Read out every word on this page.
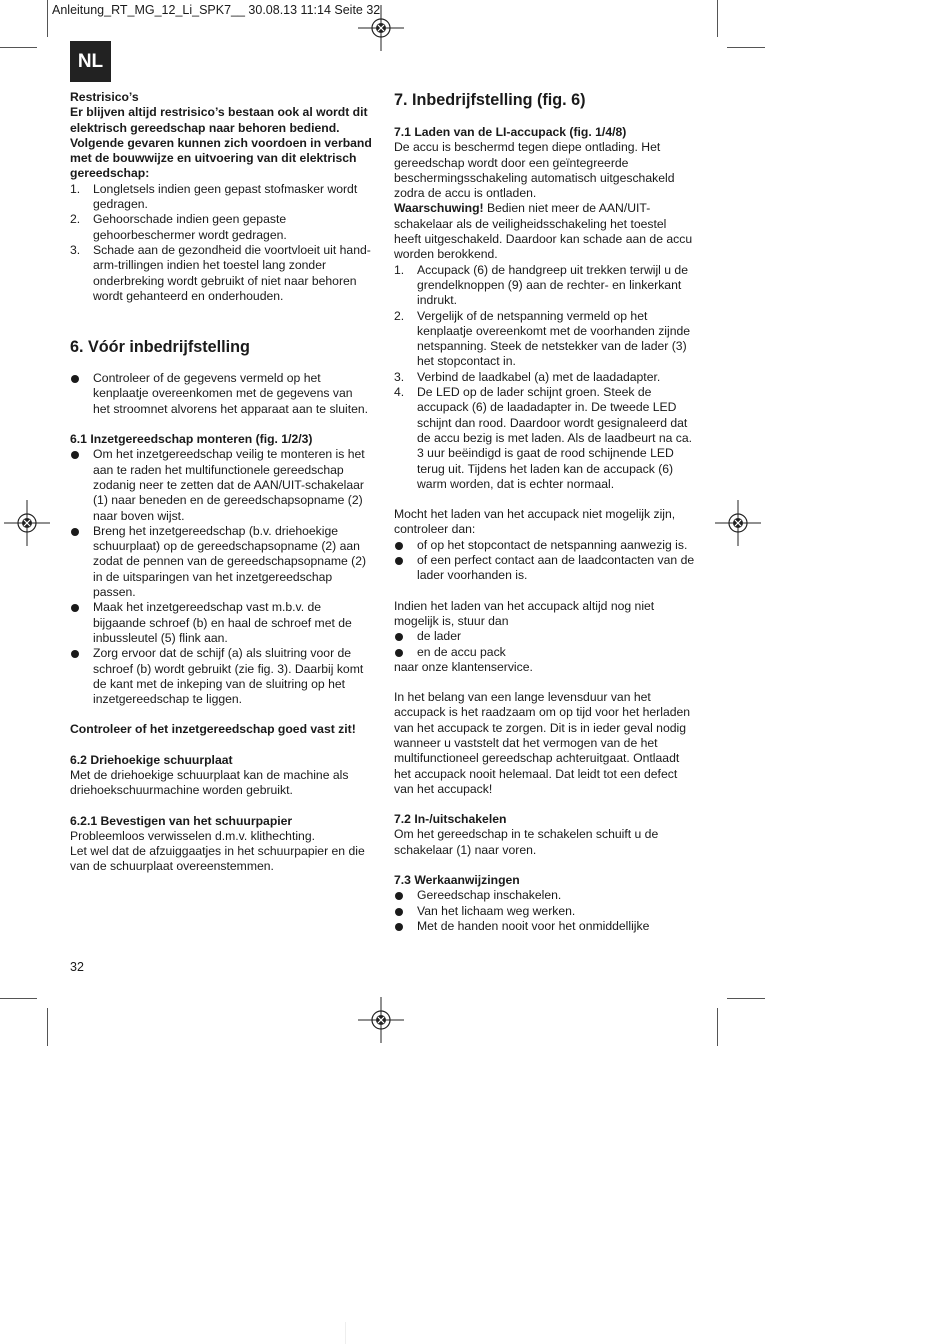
Anleitung_RT_MG_12_Li_SPK7__ 30.08.13 11:14 Seite 32
NL

Restrisico’s

Er blijven altijd restrisico’s bestaan ook al wordt dit elektrisch gereedschap naar behoren bediend. Volgende gevaren kunnen zich voordoen in verband met de bouwwijze en uitvoering van dit elektrisch gereedschap:

1. Longletsels indien geen gepast stofmasker wordt gedragen.
2. Gehoorschade indien geen gepaste gehoorbeschermer wordt gedragen.
3. Schade aan de gezondheid die voortvloeit uit hand-arm-trillingen indien het toestel lang zonder onderbreking wordt gebruikt of niet naar behoren wordt gehanteerd en onderhouden.
6. Vóór inbedrijfstelling
Controleer of de gegevens vermeld op het kenplaatje overeenkomen met de gegevens van het stroomnet alvorens het apparaat aan te sluiten.

6.1 Inzetgereedschap monteren (fig. 1/2/3)

Om het inzetgereedschap veilig te monteren is het aan te raden het multifunctionele gereedschap zodanig neer te zetten dat de AAN/UIT-schakelaar (1) naar beneden en de gereedschapsopname (2) naar boven wijst.
Breng het inzetgereedschap (b.v. driehoekige schuurplaat) op de gereedschapsopname (2) aan zodat de pennen van de gereedschapsopname (2) in de uitsparingen van het inzetgereedschap passen.
Maak het inzetgereedschap vast m.b.v. de bijgaande schroef (b) en haal de schroef met de inbussleutel (5) flink aan.
Zorg ervoor dat de schijf (a) als sluitring voor de schroef (b) wordt gebruikt (zie fig. 3). Daarbij komt de kant met de inkeping van de sluitring op het inzetgereedschap te liggen.

Controleer of het inzetgereedschap goed vast zit!

6.2 Driehoekige schuurplaat

Met de driehoekige schuurplaat kan de machine als driehoekschuurmachine worden gebruikt.

6.2.1 Bevestigen van het schuurpapier

Probleemloos verwisselen d.m.v. klithechting.

Let wel dat de afzuiggaatjes in het schuurpapier en die van de schuurplaat overeenstemmen.

7. Inbedrijfstelling (fig. 6)

7.1 Laden van de LI-accupack (fig. 1/4/8)

De accu is beschermd tegen diepe ontlading. Het gereedschap wordt door een geïntegreerde beschermingsschakeling automatisch uitgeschakeld zodra de accu is ontladen.

Waarschuwing! Bedien niet meer de AAN/UIT-schakelaar als de veiligheidsschakeling het toestel heeft uitgeschakeld. Daardoor kan schade aan de accu worden berokkend.

1. Accupack (6) de handgreep uit trekken terwijl u de grendelknoppen (9) aan de rechter- en linkerkant indrukt.
2. Vergelijk of de netspanning vermeld op het kenplaatje overeenkomt met de voorhanden zijnde netspanning. Steek de netstekker van de lader (3) het stopcontact in.
3. Verbind de laadkabel (a) met de laadadapter.
4. De LED op de lader schijnt groen. Steek de accupack (6) de laadadapter in. De tweede LED schijnt dan rood. Daardoor wordt gesignaleerd dat de accu bezig is met laden. Als de laadbeurt na ca. 3 uur beëindigd is gaat de rood schijnende LED terug uit. Tijdens het laden kan de accupack (6) warm worden, dat is echter normaal.

Mocht het laden van het accupack niet mogelijk zijn, controleer dan:

of op het stopcontact de netspanning aanwezig is.
of een perfect contact aan de laadcontacten van de lader voorhanden is.

Indien het laden van het accupack altijd nog niet mogelijk is, stuur dan

de lader
en de accu pack

naar onze klantenservice.

In het belang van een lange levensduur van het accupack is het raadzaam om op tijd voor het herladen van het accupack te zorgen. Dit is in ieder geval nodig wanneer u vaststelt dat het vermogen van de het multifunctioneel gereedschap achteruitgaat. Ontlaadt het accupack nooit helemaal. Dat leidt tot een defect van het accupack!

7.2 In-/uitschakelen

Om het gereedschap in te schakelen schuift u de schakelaar (1) naar voren.

7.3 Werkaanwijzingen

Gereedschap inschakelen.
Van het lichaam weg werken.
Met de handen nooit voor het onmiddellijke
32
